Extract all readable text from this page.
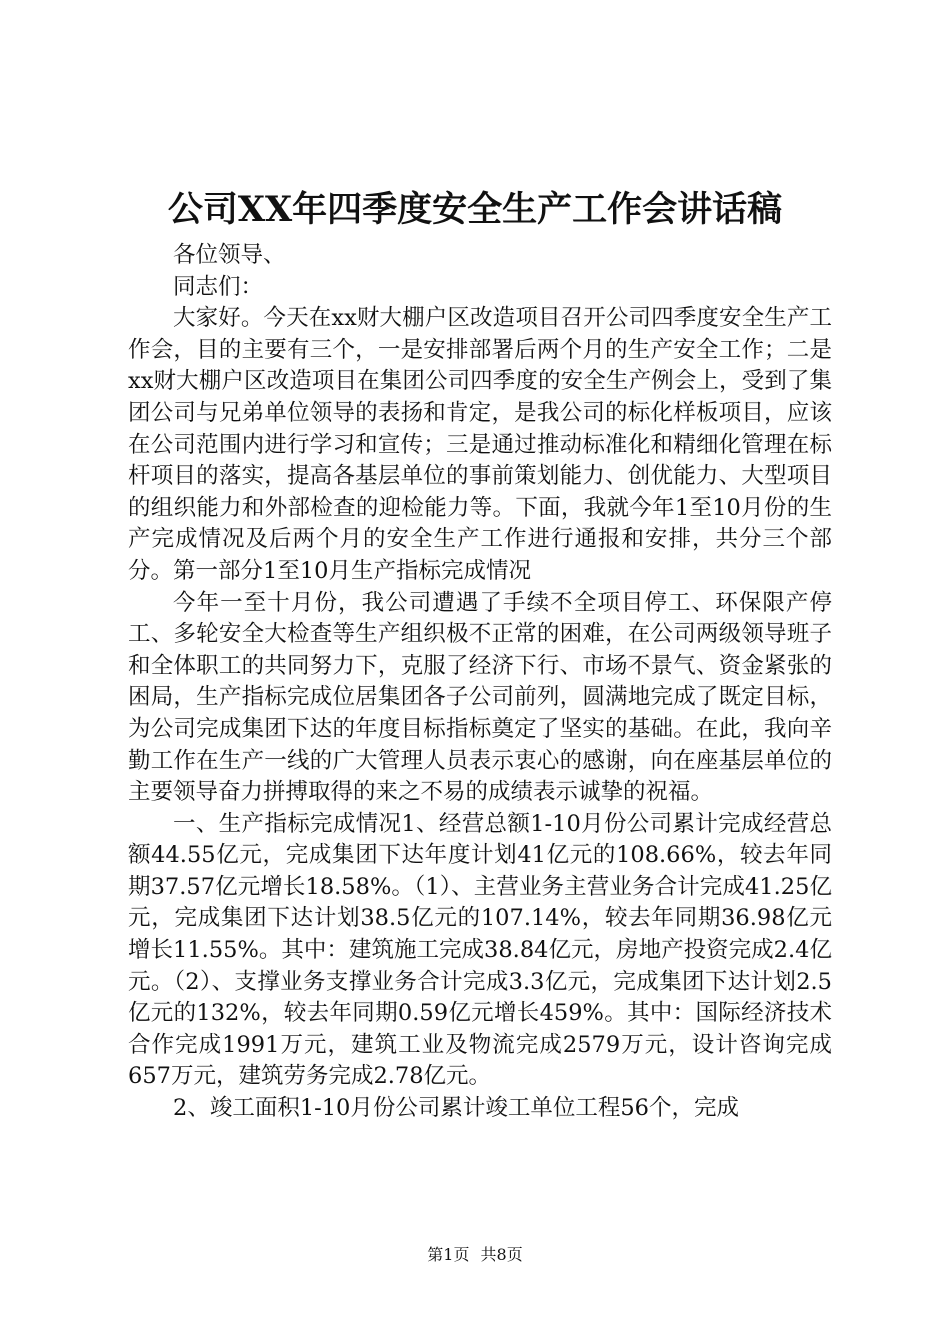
公司XX年四季度安全生产工作会讲话稿

各位领导、

同志们：

大家好。今天在xx财大棚户区改造项目召开公司四季度安全生产工作会，目的主要有三个，一是安排部署后两个月的生产安全工作；二是xx财大棚户区改造项目在集团公司四季度的安全生产例会上，受到了集团公司与兄弟单位领导的表扬和肯定，是我公司的标化样板项目，应该在公司范围内进行学习和宣传；三是通过推动标准化和精细化管理在标杆项目的落实，提高各基层单位的事前策划能力、创优能力、大型项目的组织能力和外部检查的迎检能力等。下面，我就今年1至10月份的生产完成情况及后两个月的安全生产工作进行通报和安排，共分三个部分。第一部分1至10月生产指标完成情况

今年一至十月份，我公司遭遇了手续不全项目停工、环保限产停工、多轮安全大检查等生产组织极不正常的困难，在公司两级领导班子和全体职工的共同努力下，克服了经济下行、市场不景气、资金紧张的困局，生产指标完成位居集团各子公司前列，圆满地完成了既定目标，为公司完成集团下达的年度目标指标奠定了坚实的基础。在此，我向辛勤工作在生产一线的广大管理人员表示衷心的感谢，向在座基层单位的主要领导奋力拼搏取得的来之不易的成绩表示诚挚的祝福。

一、生产指标完成情况1、经营总额1-10月份公司累计完成经营总额44.55亿元，完成集团下达年度计划41亿元的108.66%，较去年同期37.57亿元增长18.58%。（1）、主营业务主营业务合计完成41.25亿元，完成集团下达计划38.5亿元的107.14%，较去年同期36.98亿元增长11.55%。其中：建筑施工完成38.84亿元，房地产投资完成2.4亿元。（2）、支撑业务支撑业务合计完成3.3亿元，完成集团下达计划2.5亿元的132%，较去年同期0.59亿元增长459%。其中：国际经济技术合作完成1991万元，建筑工业及物流完成2579万元，设计咨询完成657万元，建筑劳务完成2.78亿元。

2、竣工面积1-10月份公司累计竣工单位工程56个，完成

第1页 共8页
